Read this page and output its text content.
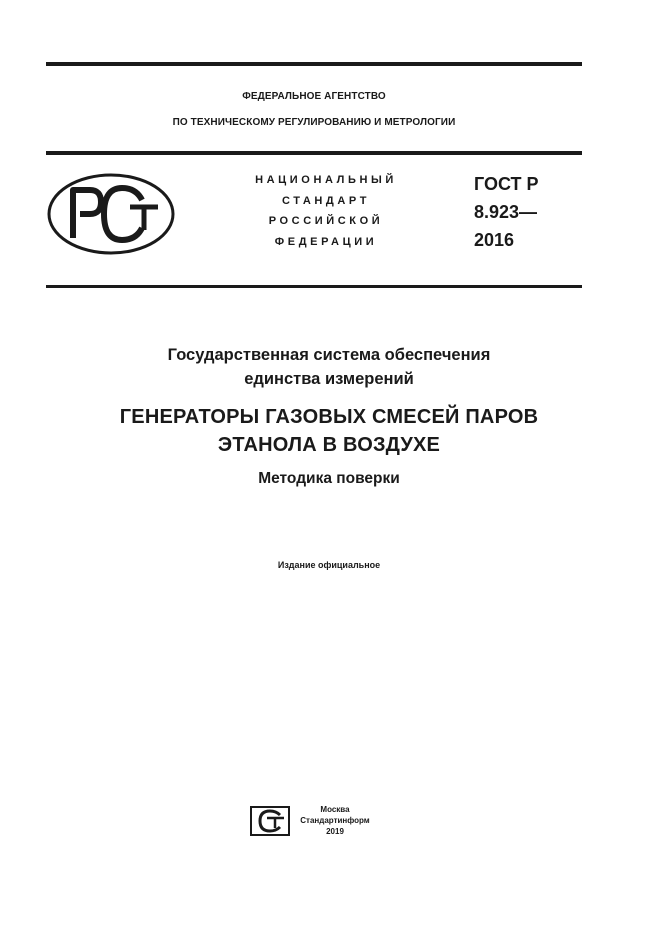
ФЕДЕРАЛЬНОЕ АГЕНТСТВО
ПО ТЕХНИЧЕСКОМУ РЕГУЛИРОВАНИЮ И МЕТРОЛОГИИ
НАЦИОНАЛЬНЫЙ
СТАНДАРТ
РОССИЙСКОЙ
ФЕДЕРАЦИИ
ГОСТ Р
8.923—
2016
Государственная система обеспечения
единства измерений
ГЕНЕРАТОРЫ ГАЗОВЫХ СМЕСЕЙ ПАРОВ
ЭТАНОЛА В ВОЗДУХЕ
Методика поверки
Издание официальное
Москва
Стандартинформ
2019
